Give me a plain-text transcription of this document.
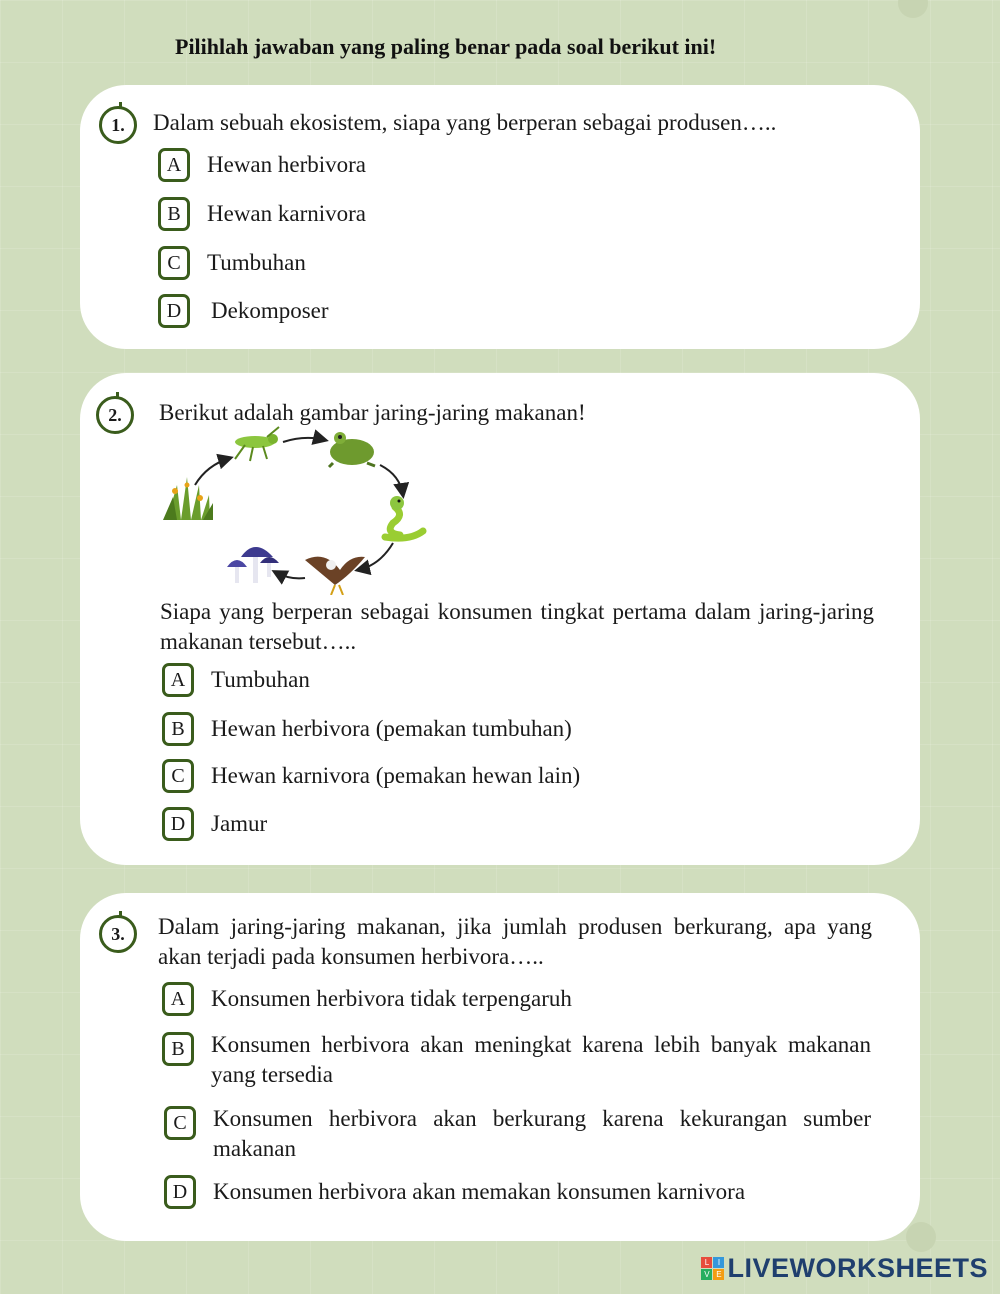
Pilihlah jawaban yang paling benar pada soal berikut ini!
1.	Dalam sebuah ekosistem, siapa yang berperan sebagai produsen…..

A	Hewan herbivora
B	Hewan karnivora
C	Tumbuhan
D	Dekomposer
2.	Berikut adalah gambar jaring-jaring makanan!

Siapa yang berperan sebagai konsumen tingkat pertama dalam jaring-jaring makanan tersebut…..

A	Tumbuhan
B	Hewan herbivora (pemakan tumbuhan)
C	Hewan karnivora (pemakan hewan lain)
D	Jamur
3.	Dalam jaring-jaring makanan, jika jumlah produsen berkurang, apa yang akan terjadi pada konsumen herbivora…..

A	Konsumen herbivora tidak terpengaruh
B	Konsumen herbivora akan meningkat karena lebih banyak makanan yang tersedia
C	Konsumen herbivora akan berkurang karena kekurangan sumber makanan
D	Konsumen herbivora akan memakan konsumen karnivora
L	I
V E LIVEWORKSHEETS
